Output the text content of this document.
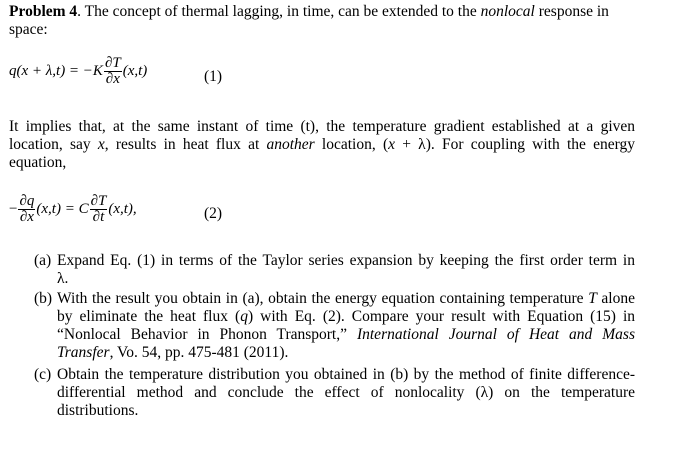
Problem 4. The concept of thermal lagging, in time, can be extended to the nonlocal response in
space:
$q(x + \lambda,t) = -K \frac{\partial T}{\partial x} (x,t)$	(1)
It implies that, at the same instant of time (t), the temperature gradient established at a given
location, say x, results in heat flux at another location, (x + λ). For coupling with the energy
equation,
− $\frac{\partial q}{\partial x} (x,t) = C \frac{\partial T}{\partial t} (x,t)$,	(2)
(a) Expand Eq. (1) in terms of the Taylor series expansion by keeping the first order term in
λ.
(b) With the result you obtain in (a), obtain the energy equation containing temperature T alone
by eliminate the heat flux (q) with Eq. (2). Compare your result with Equation (15) in
“Nonlocal Behavior in Phonon Transport,” International Journal of Heat and Mass
Transfer, Vo. 54, pp. 475-481 (2011).
(c) Obtain the temperature distribution you obtained in (b) by the method of finite difference-
differential method and conclude the effect of nonlocality (λ) on the temperature
distributions.
